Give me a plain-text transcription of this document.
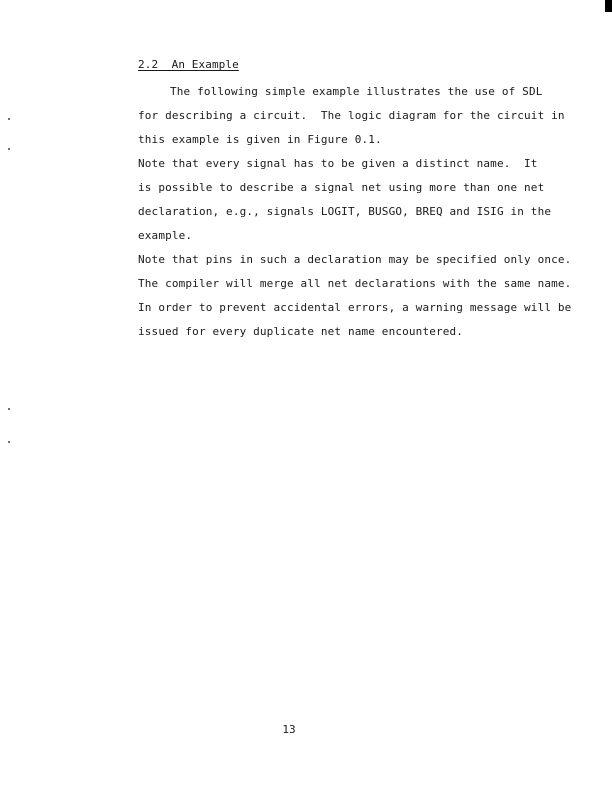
2.2  An Example
The following simple example illustrates the use of SDL
for describing a circuit.  The logic diagram for the circuit in
this example is given in Figure 0.1.
Note that every signal has to be given a distinct name.  It
is possible to describe a signal net using more than one net
declaration, e.g., signals LOGIT, BUSGO, BREQ and ISIG in the
example.
Note that pins in such a declaration may be specified only once.
The compiler will merge all net declarations with the same name.
In order to prevent accidental errors, a warning message will be
issued for every duplicate net name encountered.
13
